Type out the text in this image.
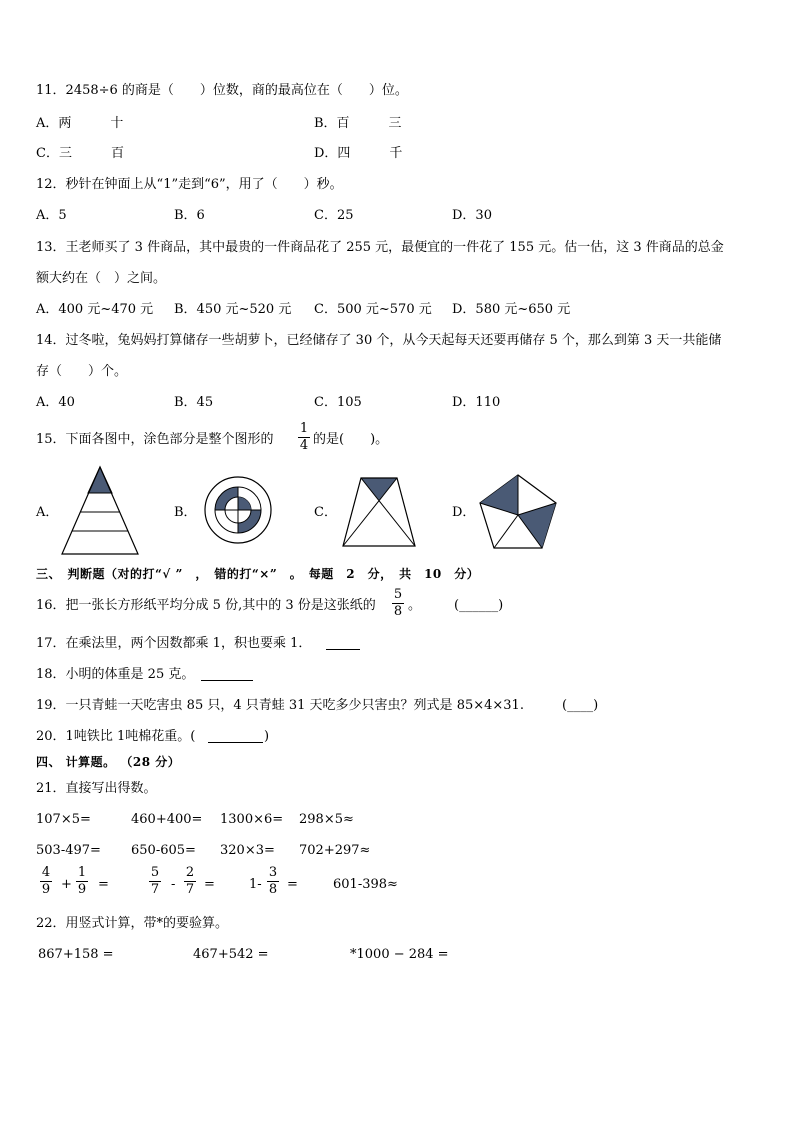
11．2458÷6 的商是（　　）位数，商的最高位在（　　）位。
A．两　　　十	B．百　　　三
C．三　　　百	D．四　　　千
12．秒针在钟面上从“1”走到“6”，用了（　　）秒。
A．5	B．6	C．25	D．30
13．王老师买了 3 件商品，其中最贵的一件商品花了 255 元，最便宜的一件花了 155 元。估一估，这 3 件商品的总金
额大约在（　）之间。
A．400 元~470 元 B．450 元~520 元 C．500 元~570 元 D．580 元~650 元
14．过冬啦，兔妈妈打算储存一些胡萝卜，已经储存了 30 个，从今天起每天还要再储存 5 个，那么到第 3 天一共能储
存（　　）个。
A．40	B．45	C．105	D．110
15．下面各图中，涂色部分是整个图形的
1
4 的是(　　)。
A．	B．	C．	D．
三、　判断题（对的打“√ ”　，　错的打“×”　。　每题　2　分，　共　10　分）
16．把一张长方形纸平均分成 5 份,其中的 3 份是这张纸的
5
8 。	(______)
17．在乘法里，两个因数都乘 1，积也要乘 1．
18．小明的体重是 25 克。
19．一只青蛙一天吃害虫 85 只，4 只青蛙 31 天吃多少只害虫？列式是 85×4×31.	(____)
20．1吨铁比 1吨棉花重。(	)
四、 计算题。 （28 分）
21．直接写出得数。
107×5=	460+400= 1300×6= 298×5≈
503-497= 650-605= 320×3= 702+297≈
4
9 +
1
9 =
5
7 -
2
7 =	1-
3
8 =	601-398≈
22．用竖式计算，带*的要验算。
867+158 =	467+542 =	*1000 − 284 =
